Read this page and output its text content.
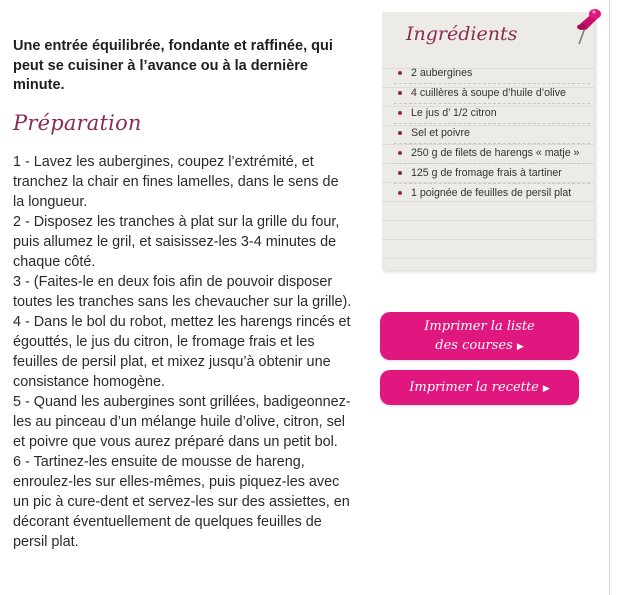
Une entrée équilibrée, fondante et raffinée, qui
peut se cuisiner à l’avance ou à la dernière
minute.
Préparation

1 - Lavez les aubergines, coupez l’extrémité, et tranchez la chair en fines lamelles, dans le sens de la longueur.

2 - Disposez les tranches à plat sur la grille du four, puis allumez le gril, et saisissez-les 3-4 minutes de chaque côté.

3 - (Faites-le en deux fois afin de pouvoir disposer toutes les tranches sans les chevaucher sur la grille).

4 - Dans le bol du robot, mettez les harengs rincés et égouttés, le jus du citron, le fromage frais et les feuilles de persil plat, et mixez jusqu’à obtenir une consistance homogène.

5 - Quand les aubergines sont grillées, badigeonnez-les au pinceau d’un mélange huile d’olive, citron, sel et poivre que vous aurez préparé dans un petit bol.

6 - Tartinez-les ensuite de mousse de hareng, enroulez-les sur elles-mêmes, puis piquez-les avec un pic à cure-dent et servez-les sur des assiettes, en décorant éventuellement de quelques feuilles de persil plat.

Ingrédients
2 aubergines
4 cuillères à soupe d’huile d’olive
Le jus d’ 1/2 citron
Sel et poivre
250 g de filets de harengs « matje »
125 g de fromage frais à tartiner
1 poignée de feuilles de persil plat
Imprimer la liste
des courses ▶
Imprimer la recette ▶
